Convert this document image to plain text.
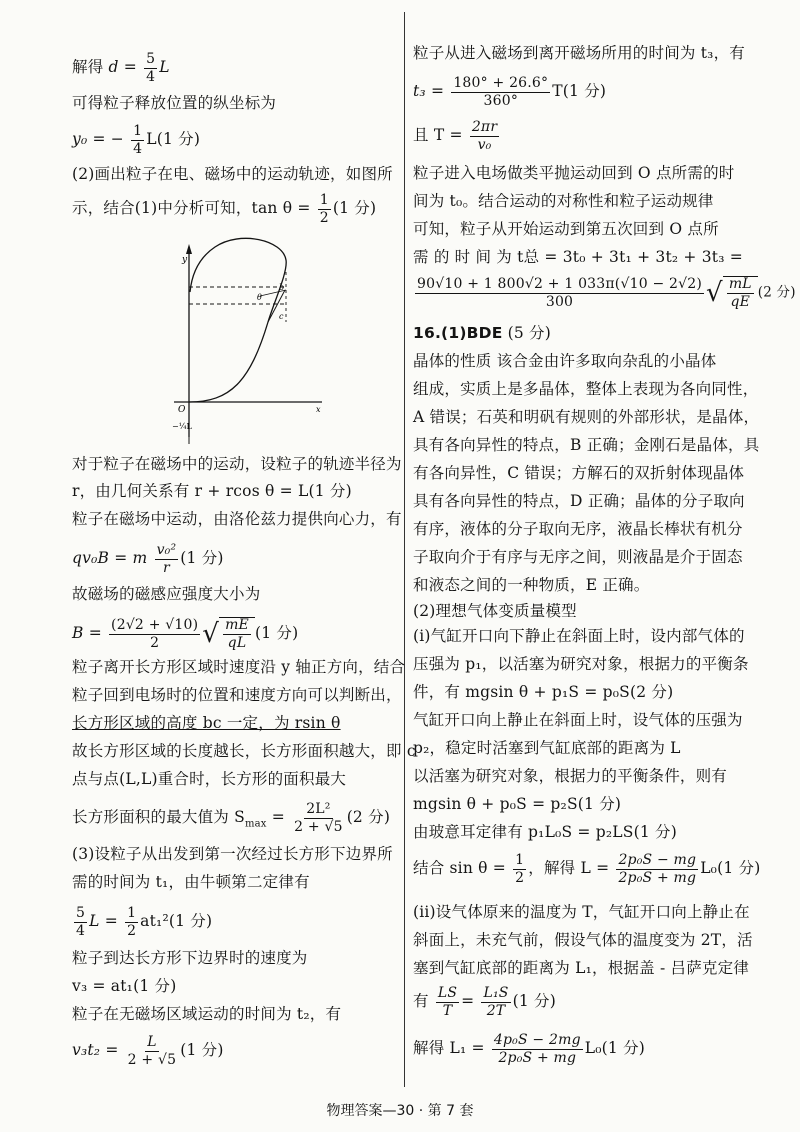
解得 $d = \frac{5}{4}$ L
可得粒子释放位置的纵坐标为
y₀ = − $\frac{1}{4} L(1$ 分)
(2)画出粒子在电、磁场中的运动轨迹，如图所
示，结合(1)中分析可知，$\tan \theta = \frac{1}{2} (1$ 分)
y
O	x
−¼L
θ
b
c
对于粒子在磁场中的运动，设粒子的轨迹半径为
r，由几何关系有 r + rcos θ = L(1 分)
粒子在磁场中运动，由洛伦兹力提供向心力，有
qv₀B = m $\frac{\text{v₀²}}{r} (1$ 分)
故磁场的磁感应强度大小为
$B = \frac{(2√2 + √10)}{2}$ √ $\frac{mE}{qL} (1$ 分)
粒子离开长方形区域时速度沿 y 轴正方向，结合
粒子回到电场时的位置和速度方向可以判断出，
长方形区域的高度 bc 一定，为 rsin θ
故长方形区域的长度越长，长方形面积越大，即 c
点与点(L,L)重合时，长方形的面积最大
长方形面积的最大值为 $S_{max} = \frac{\text{2L²}}{2 + √5} (2$ 分)
(3)设粒子从出发到第一次经过长方形下边界所
需的时间为 t₁，由牛顿第二定律有
$\frac{5}{4}$ $L = \frac{1}{2} at_1^2(1$ 分)
粒子到达长方形下边界时的速度为
v₃ = at₁(1 分)
粒子在无磁场区域运动的时间为 t₂，有
$v_3t_2 = \frac{L}{2 + √5} (1$ 分)
粒子从进入磁场到离开磁场所用的时间为 t₃，有
$t_3 = \frac{180^\circ + 26.6^\circ}{360^\circ} T(1$ 分)
且 $T = \frac{2\pi r}{\text{v₀}}$
粒子进入电场做类平抛运动回到 O 点所需的时
间为 t₀。结合运动的对称性和粒子运动规律
可知，粒子从开始运动到第五次回到 O 点所
需 的 时 间 为 t总 = 3t₀ + 3t₁ + 3t₂ + 3t₃ =
$\frac{90√10 + 1 800√2 + 1 033\pi(√10 - 2√2)}{300}$ √ $\frac{mL}{qE} (2$ 分)
16.(1)BDE (5 分)
晶体的性质 该合金由许多取向杂乱的小晶体
组成，实质上是多晶体，整体上表现为各向同性，
A 错误；石英和明矾有规则的外部形状，是晶体，
具有各向异性的特点，B 正确；金刚石是晶体，具
有各向异性，C 错误；方解石的双折射体现晶体
具有各向异性的特点，D 正确；晶体的分子取向
有序，液体的分子取向无序，液晶长棒状有机分
子取向介于有序与无序之间，则液晶是介于固态
和液态之间的一种物质，E 正确。
(2)理想气体变质量模型
(i)气缸开口向下静止在斜面上时，设内部气体的
压强为 p₁，以活塞为研究对象，根据力的平衡条
件，有 mgsin θ + p₁S = p₀S(2 分)
气缸开口向上静止在斜面上时，设气体的压强为
p₂，稳定时活塞到气缸底部的距离为 L
以活塞为研究对象，根据力的平衡条件，则有
mgsin θ + p₀S = p₂S(1 分)
由玻意耳定律有 p₁L₀S = p₂LS(1 分)
结合 $\sin \theta = \frac{1}{2}$ ，解得 $L = \frac{\text{2p₀S − mg}}{\text{2p₀S + mg}} L_0(1$ 分)
(ii)设气体原来的温度为 T，气缸开口向上静止在
斜面上，未充气前，假设气体的温度变为 2T，活
塞到气缸底部的距离为 L₁，根据盖 - 吕萨克定律
有 $\frac{LS}{T} = \frac{\text{L₁S}}{2T} (1$ 分)
解得 $L_1 = \frac{\text{4p₀S − 2mg}}{\text{2p₀S + mg}} L_0(1$ 分)
物理答案—30 · 第 7 套
